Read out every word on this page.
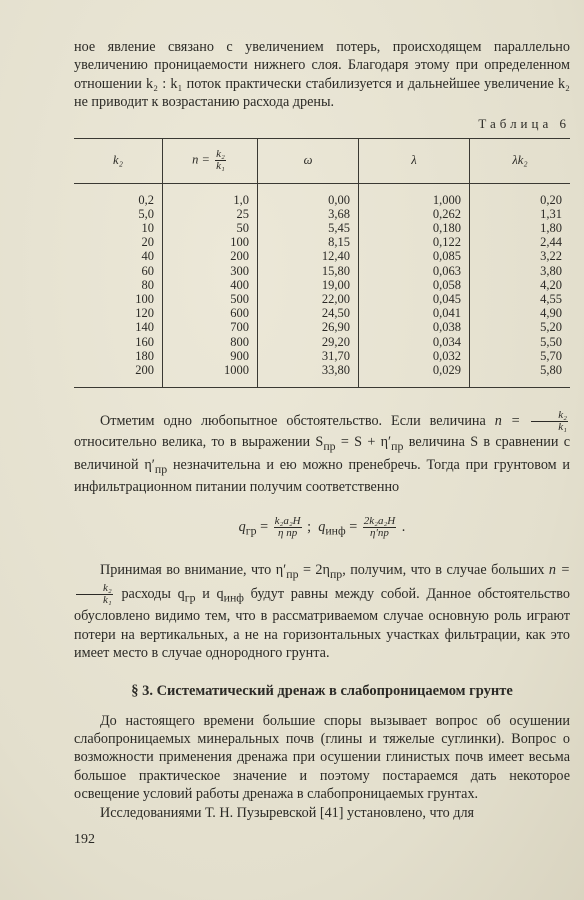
ное явление связано с увеличением потерь, происходящем параллельно увеличению проницаемости нижнего слоя. Благодаря этому при определенном отношении k₂ : k₁ поток практически стабилизуется и дальнейшее увеличение k₂ не приводит к возрастанию расхода дрены.

Таблица 6
k₂	$n = \frac{\text{k₂}}{\text{k₁}}$	ω	λ	λk₂
0,2	1,0	0,00	1,000	0,20
5,0	25	3,68	0,262	1,31
10	50	5,45	0,180	1,80
20	100	8,15	0,122	2,44
40	200	12,40	0,085	3,22
60	300	15,80	0,063	3,80
80	400	19,00	0,058	4,20
100	500	22,00	0,045	4,55
120	600	24,50	0,041	4,90
140	700	26,90	0,038	5,20
160	800	29,20	0,034	5,50
180	900	31,70	0,032	5,70
200	1000	33,80	0,029	5,80

Отметим одно любопытное обстоятельство. Если величина $n = \frac{\text{k₂}}{\text{k₁}}$
относительно велика, то в выражении $S_{пр} = S + \eta'_{пр}$ величина S в сравнении с величиной $\eta'_{пр}$ незначительна и ею можно пренебречь. Тогда при грунтовом и инфильтрационном питании получим соответственно

$q_{гр} = \frac{\text{k₂a₂H}}{\text{η пр}}$ ; $q_{инф} = \frac{\text{2k₂a₂H}}{\eta'пр}$ .

Принимая во внимание, что $\eta'_{пр} = 2\eta_{пр}$, получим, что в случае больших n =
$\frac{\text{k₂}}{\text{k₁}}$ расходы $q_{гр}$ и $q_{инф}$ будут равны между собой. Данное обстоятельство обусловлено видимо тем, что в рассматриваемом случае основную роль играют потери на вертикальных, а не на горизонтальных участках фильтрации, как это имеет место в случае однородного грунта.

§ 3. Систематический дренаж в слабопроницаемом грунте

До настоящего времени большие споры вызывает вопрос об осушении слабопроницаемых минеральных почв (глины и тяжелые суглинки). Вопрос о возможности применения дренажа при осушении глинистых почв имеет весьма большое практическое значение и поэтому постараемся дать некоторое освещение условий работы дренажа в слабопроницаемых грунтах.

Исследованиями Т. Н. Пузыревской [41] установлено, что для

192
